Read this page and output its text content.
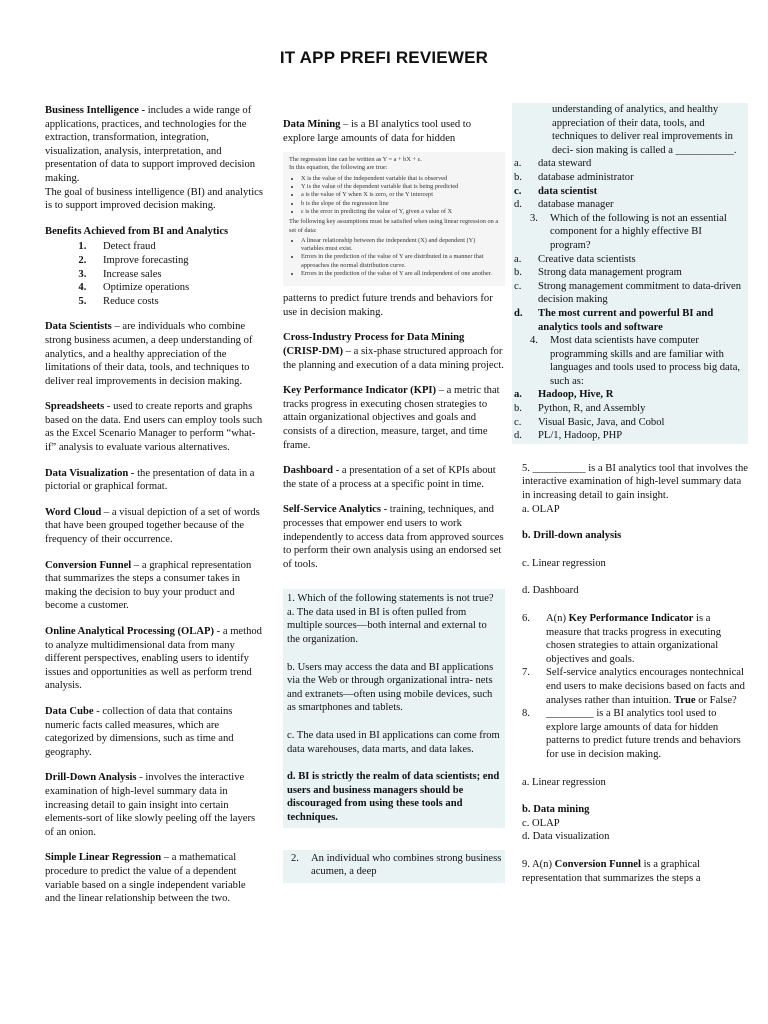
IT APP PREFI REVIEWER

Business Intelligence - includes a wide range of applications, practices, and technologies for the extraction, transformation, integration, visualization, analysis, interpretation, and presentation of data to support improved decision making.

The goal of business intelligence (BI) and analytics is to support improved decision making.

Benefits Achieved from BI and Analytics

1. Detect fraud
2. Improve forecasting
3. Increase sales
4. Optimize operations
5. Reduce costs

Data Scientists – are individuals who combine strong business acumen, a deep understanding of analytics, and a healthy appreciation of the limitations of their data, tools, and techniques to deliver real improvements in decision making.

Spreadsheets - used to create reports and graphs based on the data. End users can employ tools such as the Excel Scenario Manager to perform “what-if” analysis to evaluate various alternatives.

Data Visualization - the presentation of data in a pictorial or graphical format.

Word Cloud – a visual depiction of a set of words that have been grouped together because of the frequency of their occurrence.

Conversion Funnel – a graphical representation that summarizes the steps a consumer takes in making the decision to buy your product and become a customer.

Online Analytical Processing (OLAP) - a method to analyze multidimensional data from many different perspectives, enabling users to identify issues and opportunities as well as perform trend analysis.

Data Cube - collection of data that contains numeric facts called measures, which are categorized by dimensions, such as time and geography.

Drill-Down Analysis - involves the interactive examination of high-level summary data in increasing detail to gain insight into certain elements-sort of like slowly peeling off the layers of an onion.

Simple Linear Regression – a mathematical procedure to predict the value of a dependent variable based on a single independent variable and the linear relationship between the two.

Data Mining – is a BI analytics tool used to explore large amounts of data for hidden

The regression line can be written as Y = a + bX + ε.
In this equation, the following are true:
• X is the value of the independent variable that is observed
• Y is the value of the dependent variable that is being predicted
• a is the value of Y when X is zero, or the Y intercept
• b is the slope of the regression line
• ε is the error in predicting the value of Y, given a value of X
The following key assumptions must be satisfied when using linear regression on a set of data:
• A linear relationship between the independent (X) and dependent (Y) variables must exist.
• Errors in the prediction of the value of Y are distributed in a manner that approaches the normal distribution curve.
• Errors in the prediction of the value of Y are all independent of one another.

patterns to predict future trends and behaviors for use in decision making.

Cross-Industry Process for Data Mining (CRISP-DM) – a six-phase structured approach for the planning and execution of a data mining project.

Key Performance Indicator (KPI) – a metric that tracks progress in executing chosen strategies to attain organizational objectives and goals and consists of a direction, measure, target, and time frame.

Dashboard - a presentation of a set of KPIs about the state of a process at a specific point in time.

Self-Service Analytics - training, techniques, and processes that empower end users to work independently to access data from approved sources to perform their own analysis using an endorsed set of tools.

1. Which of the following statements is not true?

a. The data used in BI is often pulled from multiple sources—both internal and external to the organization.

b. Users may access the data and BI applications via the Web or through organizational intra- nets and extranets—often using mobile devices, such as smartphones and tablets.

c. The data used in BI applications can come from data warehouses, data marts, and data lakes.

d. BI is strictly the realm of data scientists; end users and business managers should be discouraged from using these tools and techniques.

2.	An individual who combines strong business acumen, a deep

understanding of analytics, and healthy appreciation of their data, tools, and techniques to deliver real improvements in deci- sion making is called a ___________.

a.	data steward
b.	database administrator
c.	data scientist
d.	database manager
3.	Which of the following is not an essential component for a highly effective BI program?
a.	Creative data scientists
b.	Strong data management program
c.	Strong management commitment to data-driven decision making
d.	The most current and powerful BI and analytics tools and software
4.	Most data scientists have computer programming skills and are familiar with languages and tools used to process big data, such as:
a.	Hadoop, Hive, R
b.	Python, R, and Assembly
c.	Visual Basic, Java, and Cobol
d.	PL/1, Hadoop, PHP

5. __________ is a BI analytics tool that involves the interactive examination of high-level summary data in increasing detail to gain insight.

a. OLAP

b. Drill-down analysis

c. Linear regression

d. Dashboard

6.	A(n) Key Performance Indicator is a measure that tracks progress in executing chosen strategies to attain organizational objectives and goals.
7.	Self-service analytics encourages nontechnical end users to make decisions based on facts and analyses rather than intuition. True or False?
8.	_________ is a BI analytics tool used to explore large amounts of data for hidden patterns to predict future trends and behaviors for use in decision making.

a. Linear regression

b. Data mining

c. OLAP

d. Data visualization

9. A(n) Conversion Funnel is a graphical representation that summarizes the steps a
